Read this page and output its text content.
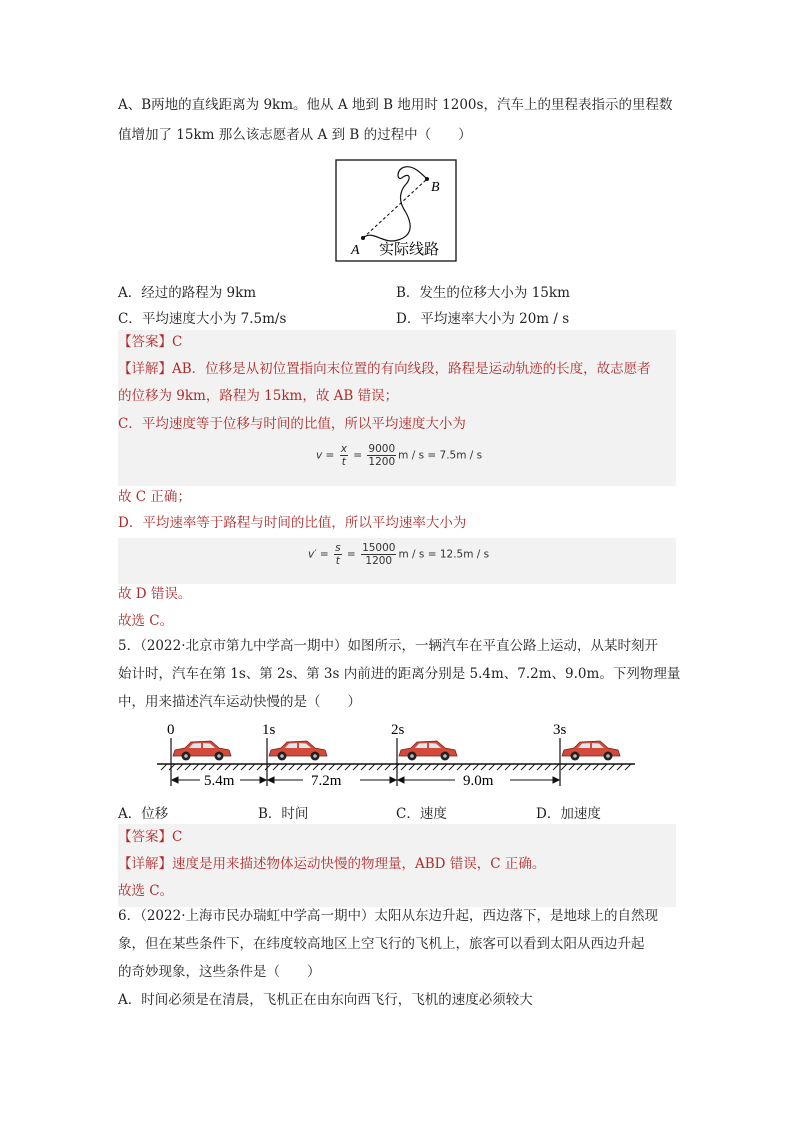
A、B两地的直线距离为 9km。他从 A 地到 B 地用时 1200s，汽车上的里程表指示的里程数
值增加了 15km 那么该志愿者从 A 到 B 的过程中（　　）
B
A 实际线路
A．经过的路程为 9km	B．发生的位移大小为 15km
C．平均速度大小为 7.5m/s	D．平均速率大小为 20m / s
【答案】C
【详解】AB．位移是从初位置指向末位置的有向线段，路程是运动轨迹的长度，故志愿者
的位移为 9km，路程为 15km，故 AB 错误；
C．平均速度等于位移与时间的比值，所以平均速度大小为
$v = \frac{x}{t} = \frac{9000}{1200}$ m / s = 7.5m / s
故 C 正确；
D．平均速率等于路程与时间的比值，所以平均速率大小为
$v' = \frac{s}{t} = \frac{15000}{1200}$ m / s = 12.5m / s
故 D 错误。
故选 C。
5．（2022·北京市第九中学高一期中）如图所示，一辆汽车在平直公路上运动，从某时刻开
始计时，汽车在第 1s、第 2s、第 3s 内前进的距离分别是 5.4m、7.2m、9.0m。下列物理量
中，用来描述汽车运动快慢的是（　　）
0	1s	2s	3s
5.4m	7.2m	9.0m
A．位移	B．时间	C．速度	D．加速度
【答案】C
【详解】速度是用来描述物体运动快慢的物理量，ABD 错误，C 正确。
故选 C。
6．（2022·上海市民办瑞虹中学高一期中）太阳从东边升起，西边落下，是地球上的自然现
象，但在某些条件下，在纬度较高地区上空飞行的飞机上，旅客可以看到太阳从西边升起
的奇妙现象，这些条件是（　　）
A．时间必须是在清晨，飞机正在由东向西飞行，飞机的速度必须较大
